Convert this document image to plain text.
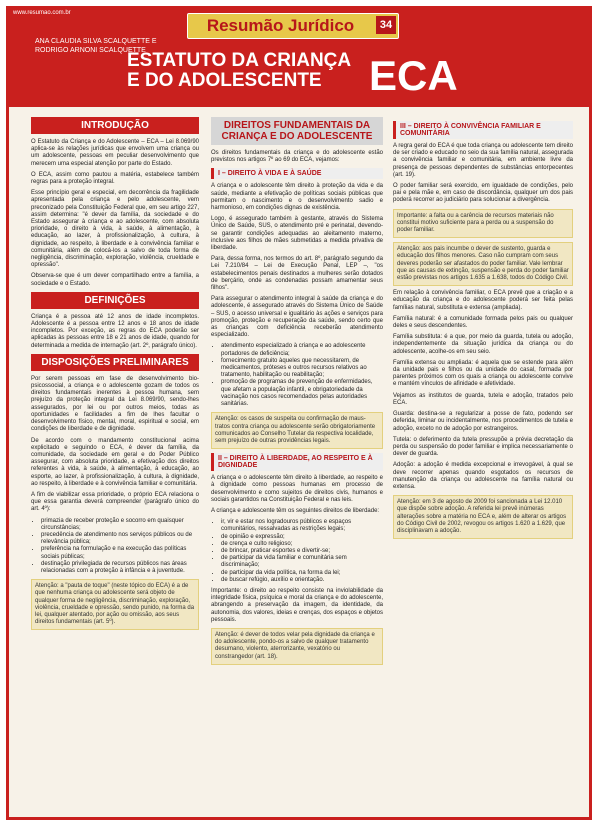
www.resumao.com.br
Resumão Jurídico	34
ANA CLAUDIA SILVA SCALQUETTE E
RODRIGO ARNONI SCALQUETTE
ESTATUTO DA CRIANÇA
E DO ADOLESCENTE	ECA
INTRODUÇÃO

O Estatuto da Criança e do Adolescente – ECA – Lei 8.069/90 aplica-se às relações jurídicas que envolvem uma criança ou um adolescente, pessoas em peculiar desenvolvimento que merecem uma especial atenção por parte do Estado.

O ECA, assim como pautou a matéria, estabelece também regras para a proteção integral.

Esse princípio geral e especial, em decorrência da fragilidade apresentada pela criança e pelo adolescente, vem preconizado pela Constituição Federal que, em seu artigo 227, assim determina: "é dever da família, da sociedade e do Estado assegurar à criança e ao adolescente, com absoluta prioridade, o direito à vida, à saúde, à alimentação, à educação, ao lazer, à profissionalização, à cultura, à dignidade, ao respeito, à liberdade e à convivência familiar e comunitária, além de colocá-los a salvo de toda forma de negligência, discriminação, exploração, violência, crueldade e opressão".

Observa-se que é um dever compartilhado entre a família, a sociedade e o Estado.

DEFINIÇÕES

Criança é a pessoa até 12 anos de idade incompletos. Adolescente é a pessoa entre 12 anos e 18 anos de idade incompletos. Por exceção, as regras do ECA poderão ser aplicadas às pessoas entre 18 e 21 anos de idade, quando for determinada a medida de internação (art. 2º, parágrafo único).

DISPOSIÇÕES PRELIMINARES

Por serem pessoas em fase de desenvolvimento bio-psicossocial, a criança e o adolescente gozam de todos os direitos fundamentais inerentes à pessoa humana, sem prejuízo da proteção integral da Lei 8.069/90, sendo-lhes assegurados, por lei ou por outros meios, todas as oportunidades e facilidades a fim de lhes facultar o desenvolvimento físico, mental, moral, espiritual e social, em condições de liberdade e de dignidade.

De acordo com o mandamento constitucional acima explicitado e seguindo o ECA, é dever da família, da comunidade, da sociedade em geral e do Poder Público assegurar, com absoluta prioridade, a efetivação dos direitos referentes à vida, à saúde, à alimentação, à educação, ao esporte, ao lazer, à profissionalização, à cultura, à dignidade, ao respeito, à liberdade e à convivência familiar e comunitária.

A fim de viabilizar essa prioridade, o próprio ECA relaciona o que essa garantia deverá compreender (parágrafo único do art. 4º):

• primazia de receber proteção e socorro em quaisquer circunstâncias;
• precedência de atendimento nos serviços públicos ou de relevância pública;
• preferência na formulação e na execução das políticas sociais públicas;
• destinação privilegiada de recursos públicos nas áreas relacionadas com a proteção à infância e à juventude.
Atenção: a "pauta de toque" (neste tópico do ECA) é a de que nenhuma criança ou adolescente será objeto de qualquer forma de negligência, discriminação, exploração, violência, crueldade e opressão, sendo punido, na forma da lei, qualquer atentado, por ação ou omissão, aos seus direitos fundamentais (art. 5º).
DIREITOS FUNDAMENTAIS DA CRIANÇA E DO ADOLESCENTE

Os direitos fundamentais da criança e do adolescente estão previstos nos artigos 7º ao 69 do ECA, vejamos:

I – DIREITO À VIDA E À SAÚDE

A criança e o adolescente têm direito à proteção da vida e da saúde, mediante a efetivação de políticas sociais públicas que permitam o nascimento e o desenvolvimento sadio e harmonioso, em condições dignas de existência.

Logo, é assegurado também à gestante, através do Sistema Único de Saúde, SUS, o atendimento pré e perinatal, devendo-se garantir condições adequadas ao aleitamento materno, inclusive aos filhos de mães submetidas a medida privativa de liberdade.

Para, dessa forma, nos termos do art. 8º, parágrafo segundo da Lei 7.210/84 – Lei de Execução Penal, LEP –, "os estabelecimentos penais destinados a mulheres serão dotados de berçário, onde as condenadas possam amamentar seus filhos".

Para assegurar o atendimento integral à saúde da criança e do adolescente, é assegurado através do Sistema Único de Saúde – SUS, o acesso universal e igualitário às ações e serviços para promoção, proteção e recuperação da saúde, sendo certo que as crianças com deficiência receberão atendimento especializado.

• atendimento especializado à criança e ao adolescente portadores de deficiência;
• fornecimento gratuito àqueles que necessitarem, de medicamentos, próteses e outros recursos relativos ao tratamento, habilitação ou reabilitação;
• promoção de programas de prevenção de enfermidades, que afetam a população infantil, e obrigatoriedade da vacinação nos casos recomendados pelas autoridades sanitárias.
Atenção: os casos de suspeita ou confirmação de maus-tratos contra criança ou adolescente serão obrigatoriamente comunicados ao Conselho Tutelar da respectiva localidade, sem prejuízo de outras providências legais.
II – DIREITO À LIBERDADE, AO RESPEITO E À DIGNIDADE

A criança e o adolescente têm direito à liberdade, ao respeito e à dignidade como pessoas humanas em processo de desenvolvimento e como sujeitos de direitos civis, humanos e sociais garantidos na Constituição Federal e nas leis.

A criança e adolescente têm os seguintes direitos de liberdade:

• ir, vir e estar nos logradouros públicos e espaços comunitários, ressalvadas as restrições legais;
• de opinião e expressão;
• de crença e culto religioso;
• de brincar, praticar esportes e divertir-se;
• de participar da vida familiar e comunitária sem discriminação;
• de participar da vida política, na forma da lei;
• de buscar refúgio, auxílio e orientação.

Importante: o direito ao respeito consiste na inviolabilidade da integridade física, psíquica e moral da criança e do adolescente, abrangendo a preservação da imagem, da identidade, da autonomia, dos valores, ideias e crenças, dos espaços e objetos pessoais.

Atenção: é dever de todos velar pela dignidade da criança e do adolescente, pondo-os a salvo de qualquer tratamento desumano, violento, aterrorizante, vexatório ou constrangedor (art. 18).
III – DIREITO À CONVIVÊNCIA FAMILIAR E COMUNITÁRIA

A regra geral do ECA é que toda criança ou adolescente tem direito de ser criado e educado no seio da sua família natural, assegurada a convivência familiar e comunitária, em ambiente livre da presença de pessoas dependentes de substâncias entorpecentes (art. 19).

O poder familiar será exercido, em igualdade de condições, pelo pai e pela mãe e, em caso de discordância, qualquer um dos pais poderá recorrer ao judiciário para solucionar a divergência.

Importante: a falta ou a carência de recursos materiais não constitui motivo suficiente para a perda ou a suspensão do poder familiar.
Atenção: aos pais incumbe o dever de sustento, guarda e educação dos filhos menores. Caso não cumpram com seus deveres poderão ser afastados do poder familiar. Vale lembrar que as causas de extinção, suspensão e perda do poder familiar estão previstas nos artigos 1.635 a 1.638, todos do Código Civil.

Em relação à convivência familiar, o ECA prevê que a criação e a educação da criança e do adolescente poderá ser feita pelas famílias natural, substituta e extensa (ampliada).

Família natural: é a comunidade formada pelos pais ou qualquer deles e seus descendentes.

Família substituta: é a que, por meio da guarda, tutela ou adoção, independentemente da situação jurídica da criança ou do adolescente, acolhe-os em seu seio.

Família extensa ou ampliada: é aquela que se estende para além da unidade pais e filhos ou da unidade do casal, formada por parentes próximos com os quais a criança ou adolescente convive e mantém vínculos de afinidade e afetividade.

Vejamos as institutos de guarda, tutela e adoção, tratados pelo ECA.

Guarda: destina-se a regularizar a posse de fato, podendo ser deferida, liminar ou incidentalmente, nos procedimentos de tutela e adoção, exceto no de adoção por estrangeiros.

Tutela: o deferimento da tutela pressupõe a prévia decretação da perda ou suspensão do poder familiar e implica necessariamente o dever de guarda.

Adoção: a adoção é medida excepcional e irrevogável, à qual se deve recorrer apenas quando esgotados os recursos de manutenção da criança ou adolescente na família natural ou extensa.

Atenção: em 3 de agosto de 2009 foi sancionada a Lei 12.010 que dispõe sobre adoção. A referida lei prevê inúmeras alterações sobre a matéria no ECA e, além de alterar os artigos do Código Civil de 2002, revogou os artigos 1.620 a 1.629, que disciplinavam a adoção.
